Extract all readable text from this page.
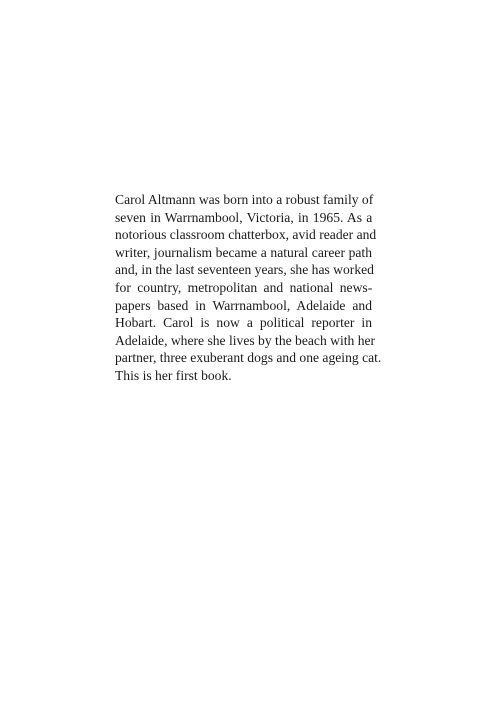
Carol Altmann was born into a robust family of
seven in Warrnambool, Victoria, in 1965. As a
notorious classroom chatterbox, avid reader and
writer, journalism became a natural career path
and, in the last seventeen years, she has worked
for country, metropolitan and national news-
papers based in Warrnambool, Adelaide and
Hobart. Carol is now a political reporter in
Adelaide, where she lives by the beach with her
partner, three exuberant dogs and one ageing cat.
This is her first book.
